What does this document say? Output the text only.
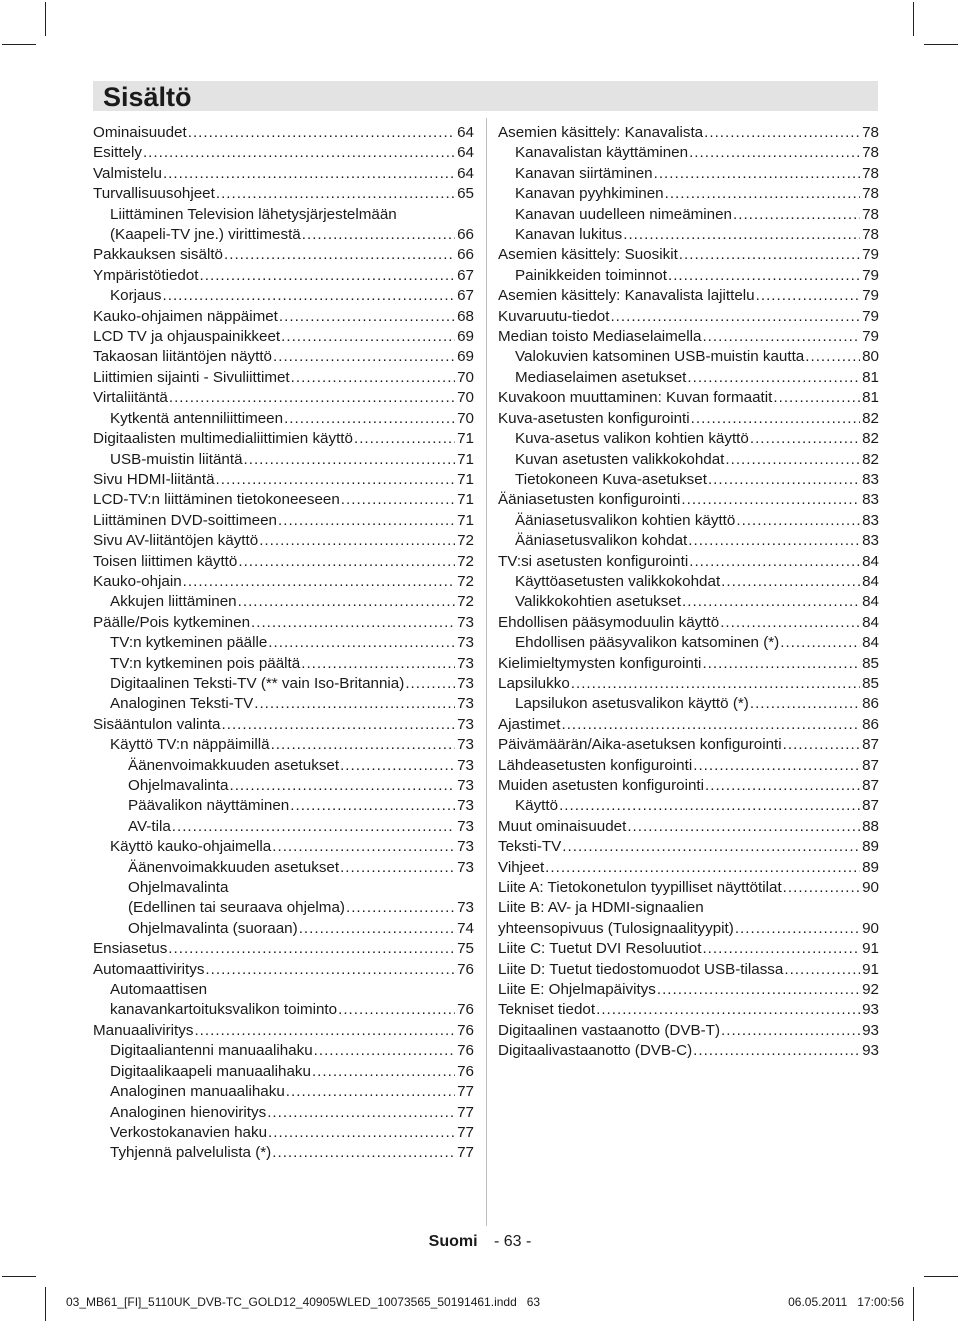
Sisältö
Ominaisuudet .....	64
Esittely .....	64
Valmistelu .....	64
Turvallisuusohjeet .....	65
Liittäminen Television lähetysjärjestelmään
(Kaapeli-TV jne.) virittimestä .....	66
Pakkauksen sisältö .....	66
Ympäristötiedot .....	67
Korjaus .....	67
Kauko-ohjaimen näppäimet .....	68
LCD TV ja ohjauspainikkeet .....	69
Takaosan liitäntöjen näyttö .....	69
Liittimien sijainti - Sivuliittimet .....	70
Virtaliitäntä .....	70
Kytkentä antenniliittimeen .....	70
Digitaalisten multimedialiittimien käyttö .....	71
USB-muistin liitäntä .....	71
Sivu HDMI-liitäntä .....	71
LCD-TV:n liittäminen tietokoneeseen .....	71
Liittäminen DVD-soittimeen .....	71
Sivu AV-liitäntöjen käyttö .....	72
Toisen liittimen käyttö .....	72
Kauko-ohjain .....	72
Akkujen liittäminen .....	72
Päälle/Pois kytkeminen .....	73
TV:n kytkeminen päälle .....	73
TV:n kytkeminen pois päältä .....	73
Digitaalinen Teksti-TV (** vain Iso-Britannia) .....	73
Analoginen Teksti-TV .....	73
Sisääntulon valinta .....	73
Käyttö TV:n näppäimillä .....	73
Äänenvoimakkuuden asetukset .....	73
Ohjelmavalinta .....	73
Päävalikon näyttäminen .....	73
AV-tila .....	73
Käyttö kauko-ohjaimella .....	73
Äänenvoimakkuuden asetukset .....	73
Ohjelmavalinta
(Edellinen tai seuraava ohjelma) .....	73
Ohjelmavalinta (suoraan) .....	74
Ensiasetus .....	75
Automaattiviritys .....	76
Automaattisen
kanavankartoituksvalikon toiminto .....	76
Manuaaliviritys .....	76
Digitaaliantenni manuaalihaku .....	76
Digitaalikaapeli manuaalihaku .....	76
Analoginen manuaalihaku .....	77
Analoginen hienoviritys .....	77
Verkostokanavien haku .....	77
Tyhjennä palvelulista (*) .....	77
Asemien käsittely: Kanavalista .....	78
Kanavalistan käyttäminen .....	78
Kanavan siirtäminen .....	78
Kanavan pyyhkiminen .....	78
Kanavan uudelleen nimeäminen .....	78
Kanavan lukitus .....	78
Asemien käsittely: Suosikit .....	79
Painikkeiden toiminnot .....	79
Asemien käsittely: Kanavalista lajittelu .....	79
Kuvaruutu-tiedot .....	79
Median toisto Mediaselaimella .....	79
Valokuvien katsominen USB-muistin kautta .....	80
Mediaselaimen asetukset .....	81
Kuvakoon muuttaminen: Kuvan formaatit .....	81
Kuva-asetusten konfigurointi .....	82
Kuva-asetus valikon kohtien käyttö .....	82
Kuvan asetusten valikkokohdat .....	82
Tietokoneen Kuva-asetukset .....	83
Ääniasetusten konfigurointi .....	83
Ääniasetusvalikon kohtien käyttö .....	83
Ääniasetusvalikon kohdat .....	83
TV:si asetusten konfigurointi .....	84
Käyttöasetusten valikkokohdat .....	84
Valikkokohtien asetukset .....	84
Ehdollisen pääsymoduulin käyttö .....	84
Ehdollisen pääsyvalikon katsominen (*) .....	84
Kielimieltymysten konfigurointi .....	85
Lapsilukko .....	85
Lapsilukon asetusvalikon käyttö (*) .....	86
Ajastimet .....	86
Päivämäärän/Aika-asetuksen konfigurointi .....	87
Lähdeasetusten konfigurointi .....	87
Muiden asetusten konfigurointi .....	87
Käyttö .....	87
Muut ominaisuudet .....	88
Teksti-TV .....	89
Vihjeet .....	89
Liite A: Tietokonetulon tyypilliset näyttötilat .....	90
Liite B: AV- ja HDMI-signaalien
yhteensopivuus (Tulosignaalityypit) .....	90
Liite C: Tuetut DVI Resoluutiot .....	91
Liite D: Tuetut tiedostomuodot USB-tilassa .....	91
Liite E: Ohjelmapäivitys .....	92
Tekniset tiedot .....	93
Digitaalinen vastaanotto (DVB-T) .....	93
Digitaalivastaanotto (DVB-C) .....	93
Suomi - 63 -
03_MB61_[FI]_5110UK_DVB-TC_GOLD12_40905WLED_10073565_50191461.indd   63	06.05.2011   17:00:56
